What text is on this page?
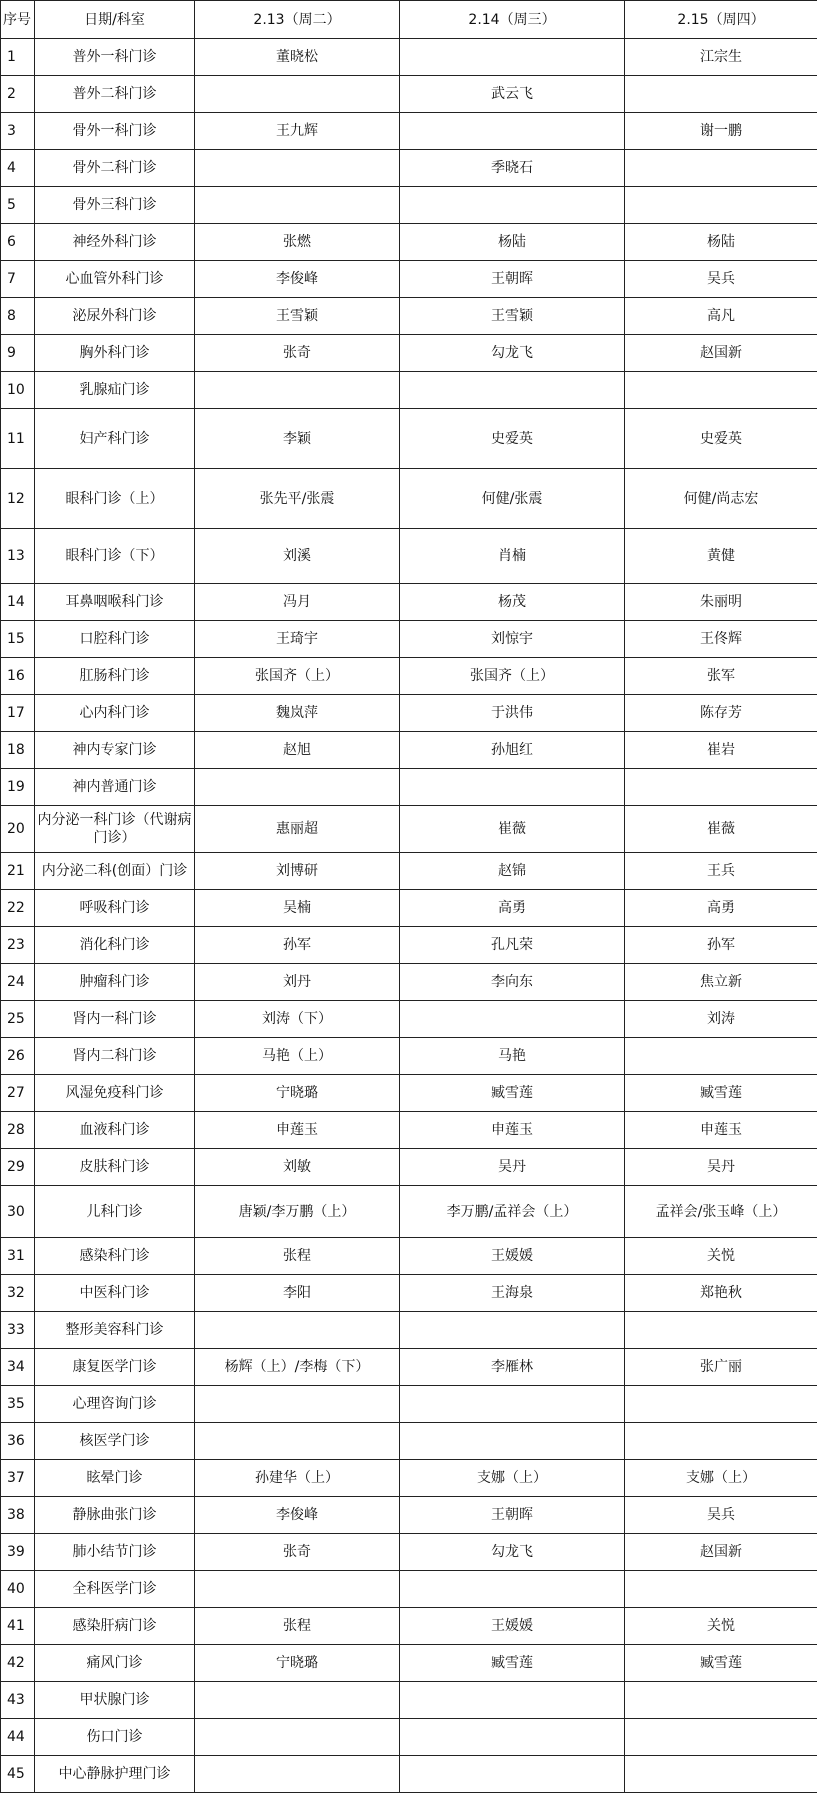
序号	日期/科室	2.13（周二）	2.14（周三）	2.15（周四）
1	普外一科门诊	董晓松		江宗生
2	普外二科门诊		武云飞	
3	骨外一科门诊	王九辉		谢一鹏
4	骨外二科门诊		季晓石	
5	骨外三科门诊			
6	神经外科门诊	张燃	杨陆	杨陆
7	心血管外科门诊	李俊峰	王朝晖	吴兵
8	泌尿外科门诊	王雪颖	王雪颖	高凡
9	胸外科门诊	张奇	勾龙飞	赵国新
10	乳腺疝门诊			
11	妇产科门诊	李颖	史爱英	史爱英
12	眼科门诊（上）	张先平/张震	何健/张震	何健/尚志宏
13	眼科门诊（下）	刘溪	肖楠	黄健
14	耳鼻咽喉科门诊	冯月	杨茂	朱丽明
15	口腔科门诊	王琦宇	刘惊宇	王佟辉
16	肛肠科门诊	张国齐（上）	张国齐（上）	张军
17	心内科门诊	魏岚萍	于洪伟	陈存芳
18	神内专家门诊	赵旭	孙旭红	崔岩
19	神内普通门诊			
20	内分泌一科门诊（代谢病门诊）	惠丽超	崔薇	崔薇
21	内分泌二科(创面）门诊	刘博研	赵锦	王兵
22	呼吸科门诊	吴楠	高勇	高勇
23	消化科门诊	孙军	孔凡荣	孙军
24	肿瘤科门诊	刘丹	李向东	焦立新
25	肾内一科门诊	刘涛（下）		刘涛
26	肾内二科门诊	马艳（上）	马艳	
27	风湿免疫科门诊	宁晓璐	臧雪莲	臧雪莲
28	血液科门诊	申莲玉	申莲玉	申莲玉
29	皮肤科门诊	刘敏	吴丹	吴丹
30	儿科门诊	唐颖/李万鹏（上）	李万鹏/孟祥会（上）	孟祥会/张玉峰（上）
31	感染科门诊	张程	王媛媛	关悦
32	中医科门诊	李阳	王海泉	郑艳秋
33	整形美容科门诊			
34	康复医学门诊	杨辉（上）/李梅（下）	李雁林	张广丽
35	心理咨询门诊			
36	核医学门诊			
37	眩晕门诊	孙建华（上）	支娜（上）	支娜（上）
38	静脉曲张门诊	李俊峰	王朝晖	吴兵
39	肺小结节门诊	张奇	勾龙飞	赵国新
40	全科医学门诊			
41	感染肝病门诊	张程	王媛媛	关悦
42	痛风门诊	宁晓璐	臧雪莲	臧雪莲
43	甲状腺门诊			
44	伤口门诊			
45	中心静脉护理门诊			
